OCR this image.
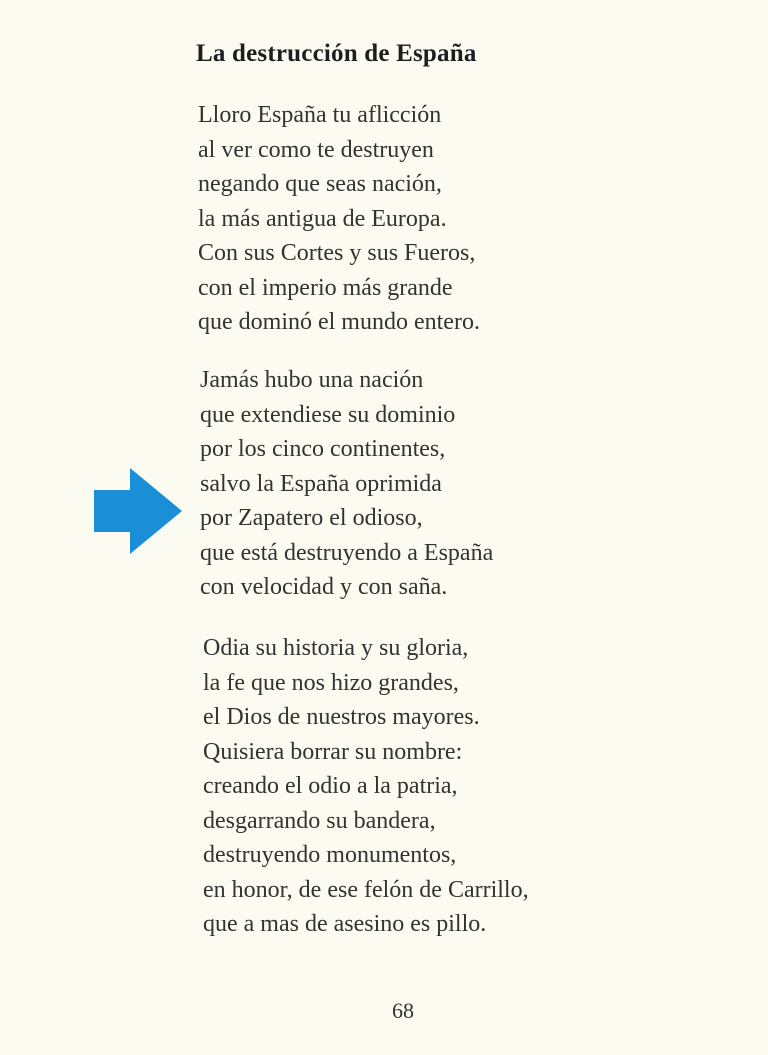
La destrucción de España
Lloro España tu aflicción
al ver como te destruyen
negando que seas nación,
la más antigua de Europa.
Con sus Cortes y sus Fueros,
con el imperio más grande
que dominó el mundo entero.
Jamás hubo una nación
que extendiese su dominio
por los cinco continentes,
salvo la España oprimida
por Zapatero el odioso,
que está destruyendo a España
con velocidad y con saña.
Odia su historia y su gloria,
la fe que nos hizo grandes,
el Dios de nuestros mayores.
Quisiera borrar su nombre:
creando el odio a la patria,
desgarrando su bandera,
destruyendo monumentos,
en honor, de ese felón de Carrillo,
que a mas de asesino es pillo.
68
